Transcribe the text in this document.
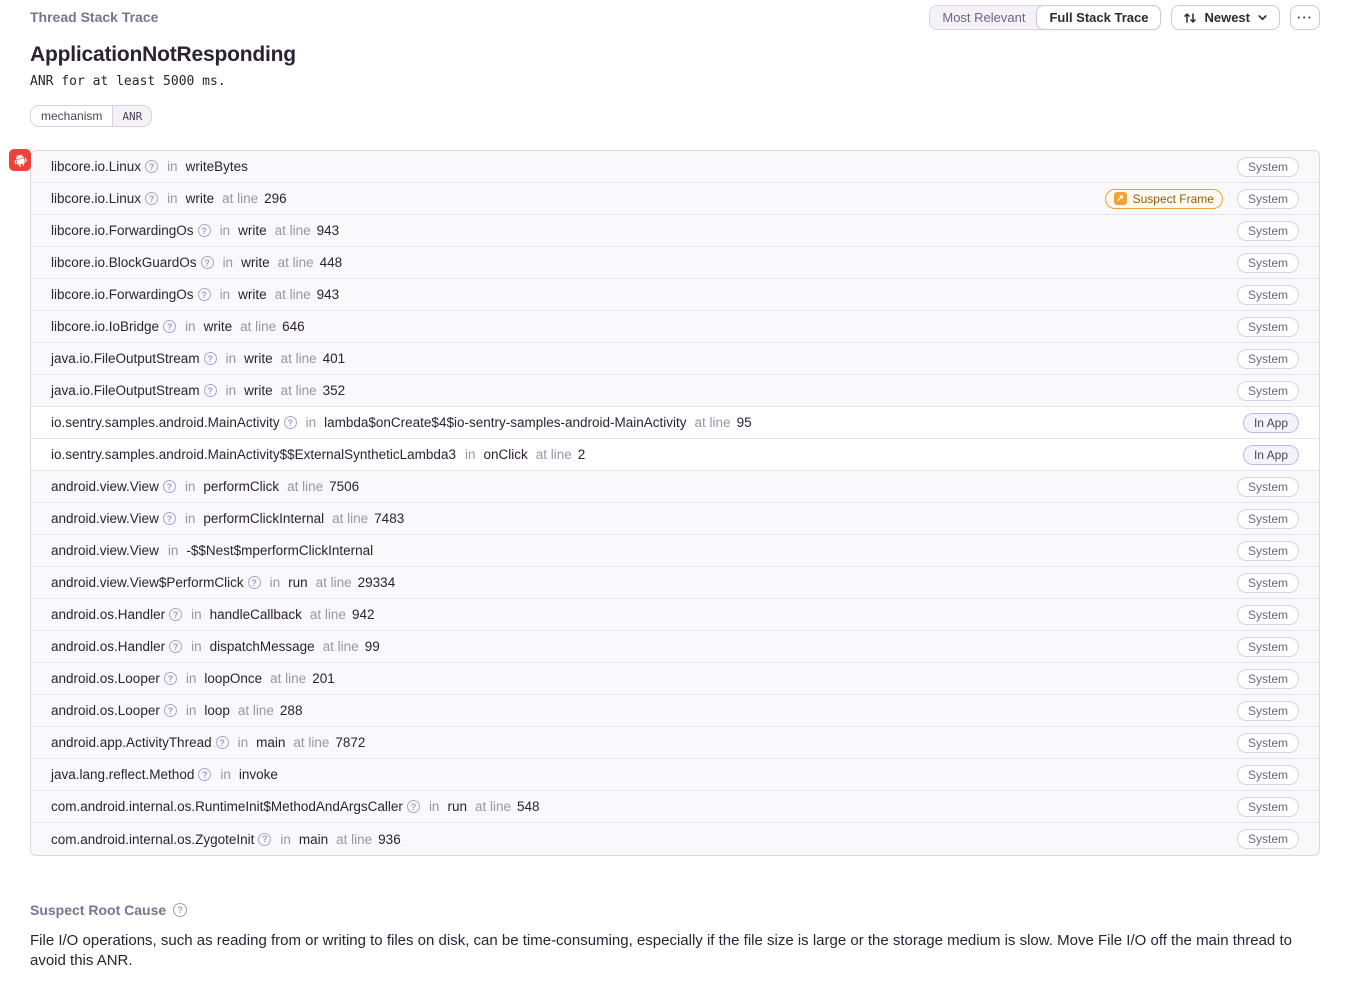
Thread Stack Trace	Most Relevant	Full Stack Trace	Newest	···
ApplicationNotResponding
ANR for at least 5000 ms.
mechanism	ANR
libcore.io.Linux ? in writeBytes	System
libcore.io.Linux ? in write at line 296	↗ Suspect Frame	System
libcore.io.ForwardingOs ? in write at line 943	System
libcore.io.BlockGuardOs ? in write at line 448	System
libcore.io.ForwardingOs ? in write at line 943	System
libcore.io.IoBridge ? in write at line 646	System
java.io.FileOutputStream ? in write at line 401	System
java.io.FileOutputStream ? in write at line 352	System
io.sentry.samples.android.MainActivity ? in lambda$onCreate$4$io-sentry-samples-android-MainActivity at line 95	In App
io.sentry.samples.android.MainActivity$$ExternalSyntheticLambda3 in onClick at line 2	In App
android.view.View ? in performClick at line 7506	System
android.view.View ? in performClickInternal at line 7483	System
android.view.View in -$$Nest$mperformClickInternal	System
android.view.View$PerformClick ? in run at line 29334	System
android.os.Handler ? in handleCallback at line 942	System
android.os.Handler ? in dispatchMessage at line 99	System
android.os.Looper ? in loopOnce at line 201	System
android.os.Looper ? in loop at line 288	System
android.app.ActivityThread ? in main at line 7872	System
java.lang.reflect.Method ? in invoke	System
com.android.internal.os.RuntimeInit$MethodAndArgsCaller ? in run at line 548	System
com.android.internal.os.ZygoteInit ? in main at line 936	System
Suspect Root Cause	?
File I/O operations, such as reading from or writing to files on disk, can be time-consuming, especially if the file size is large or the storage medium is slow. Move File I/O off the main thread to avoid this ANR.
